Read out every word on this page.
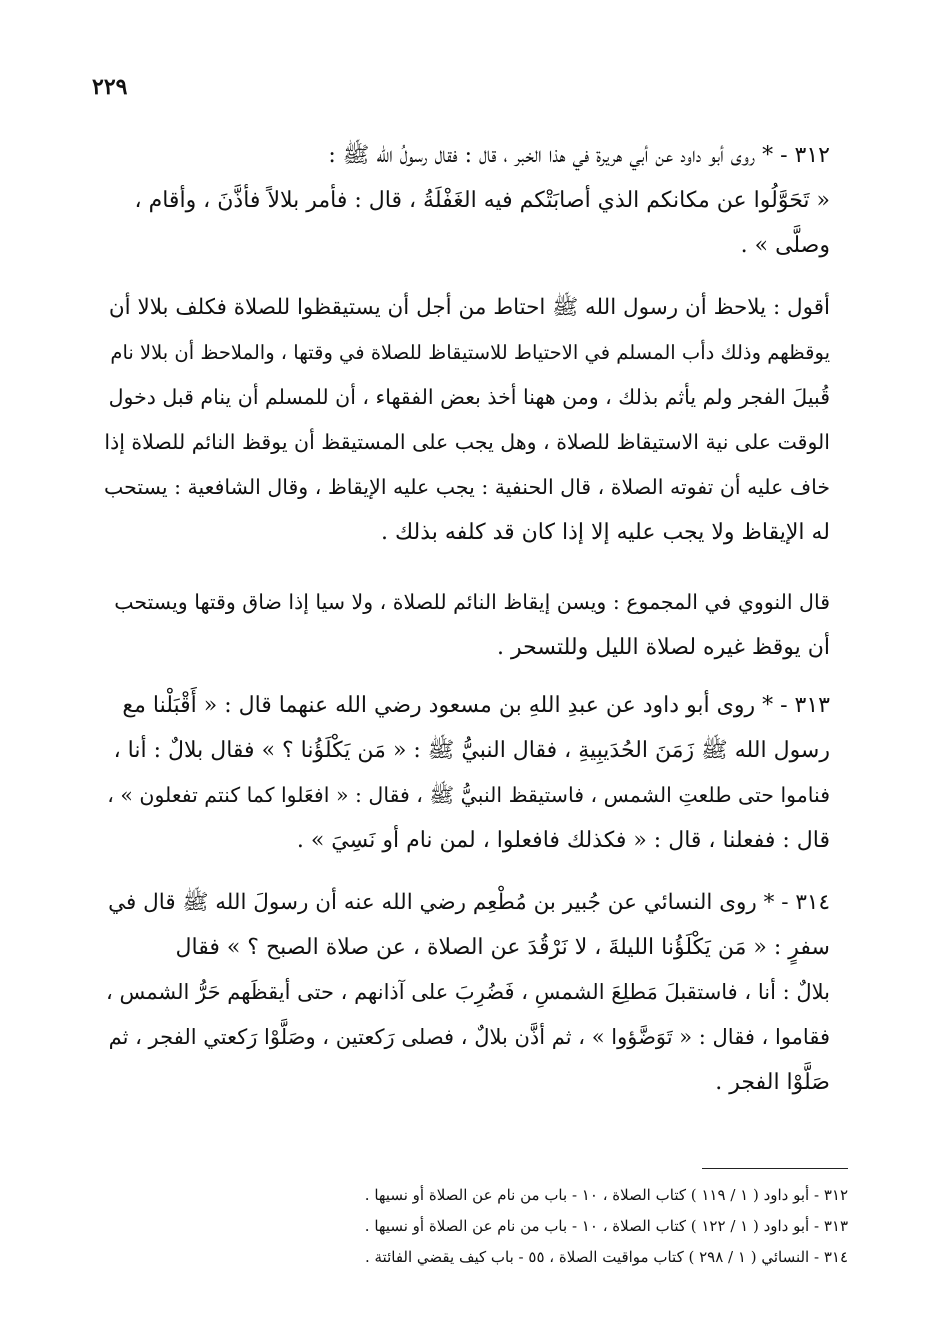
٢٢٩
٣١٢ - * روى أبو داود عن أبي هريرة في هذا الخبر ، قال : فقال رسولُ الله ﷺ :
« تَحَوَّلُوا عن مكانكم الذي أصابَتْكم فيه الغَفْلَةُ ، قال : فأمر بلالاً فأذَّنَ ، وأقام ،
وصلَّى » .
أقول : يلاحظ أن رسول الله ﷺ احتاط من أجل أن يستيقظوا للصلاة فكلف بلالا أن
يوقظهم وذلك دأب المسلم في الاحتياط للاستيقاظ للصلاة في وقتها ، والملاحظ أن بلالا نام
قُبيلَ الفجر ولم يأثم بذلك ، ومن ههنا أخذ بعض الفقهاء ، أن للمسلم أن ينام قبل دخول
الوقت على نية الاستيقاظ للصلاة ، وهل يجب على المستيقظ أن يوقظ النائم للصلاة إذا
خاف عليه أن تفوته الصلاة ، قال الحنفية : يجب عليه الإيقاظ ، وقال الشافعية : يستحب
له الإيقاظ ولا يجب عليه إلا إذا كان قد كلفه بذلك .
قال النووي في المجموع : ويسن إيقاظ النائم للصلاة ، ولا سيا إذا ضاق وقتها ويستحب
أن يوقظ غيره لصلاة الليل وللتسحر .
٣١٣ - * روى أبو داود عن عبدِ اللهِ بن مسعود رضي الله عنهما قال : « أَقْبَلْنا مع
رسول الله ﷺ زَمَنَ الحُدَيبِيةِ ، فقال النبيُّ ﷺ : « مَن يَكْلَؤُنا ؟ » فقال بلالٌ : أنا ،
فناموا حتى طلعتِ الشمس ، فاستيقظ النبيُّ ﷺ ، فقال : « افعَلوا كما كنتم تفعلون » ،
قال : ففعلنا ، قال : « فكذلك فافعلوا ، لمن نام أو نَسِيَ » .
٣١٤ - * روى النسائي عن جُبير بن مُطْعِم رضي الله عنه أن رسولَ الله ﷺ قال في
سفرٍ : « مَن يَكْلَؤُنا الليلةَ ، لا نَرْقُدَ عن الصلاة ، عن صلاة الصبح ؟ » فقال
بلالٌ : أنا ، فاستقبلَ مَطلِعَ الشمسِ ، فَضُرِبَ على آذانهم ، حتى أيقظَهم حَرُّ الشمس ،
فقاموا ، فقال : « تَوَضَّؤوا » ، ثم أذَّن بلالٌ ، فصلى رَكعتين ، وصَلَّوْا رَكعتي الفجر ، ثم
صَلَّوْا الفجر .
٣١٢ - أبو داود ( ١ / ١١٩ ) كتاب الصلاة ، ١٠ - باب من نام عن الصلاة أو نسيها .
٣١٣ - أبو داود ( ١ / ١٢٢ ) كتاب الصلاة ، ١٠ - باب من نام عن الصلاة أو نسيها .
٣١٤ - النسائي ( ١ / ٢٩٨ ) كتاب مواقيت الصلاة ، ٥٥ - باب كيف يقضي الفائتة .
